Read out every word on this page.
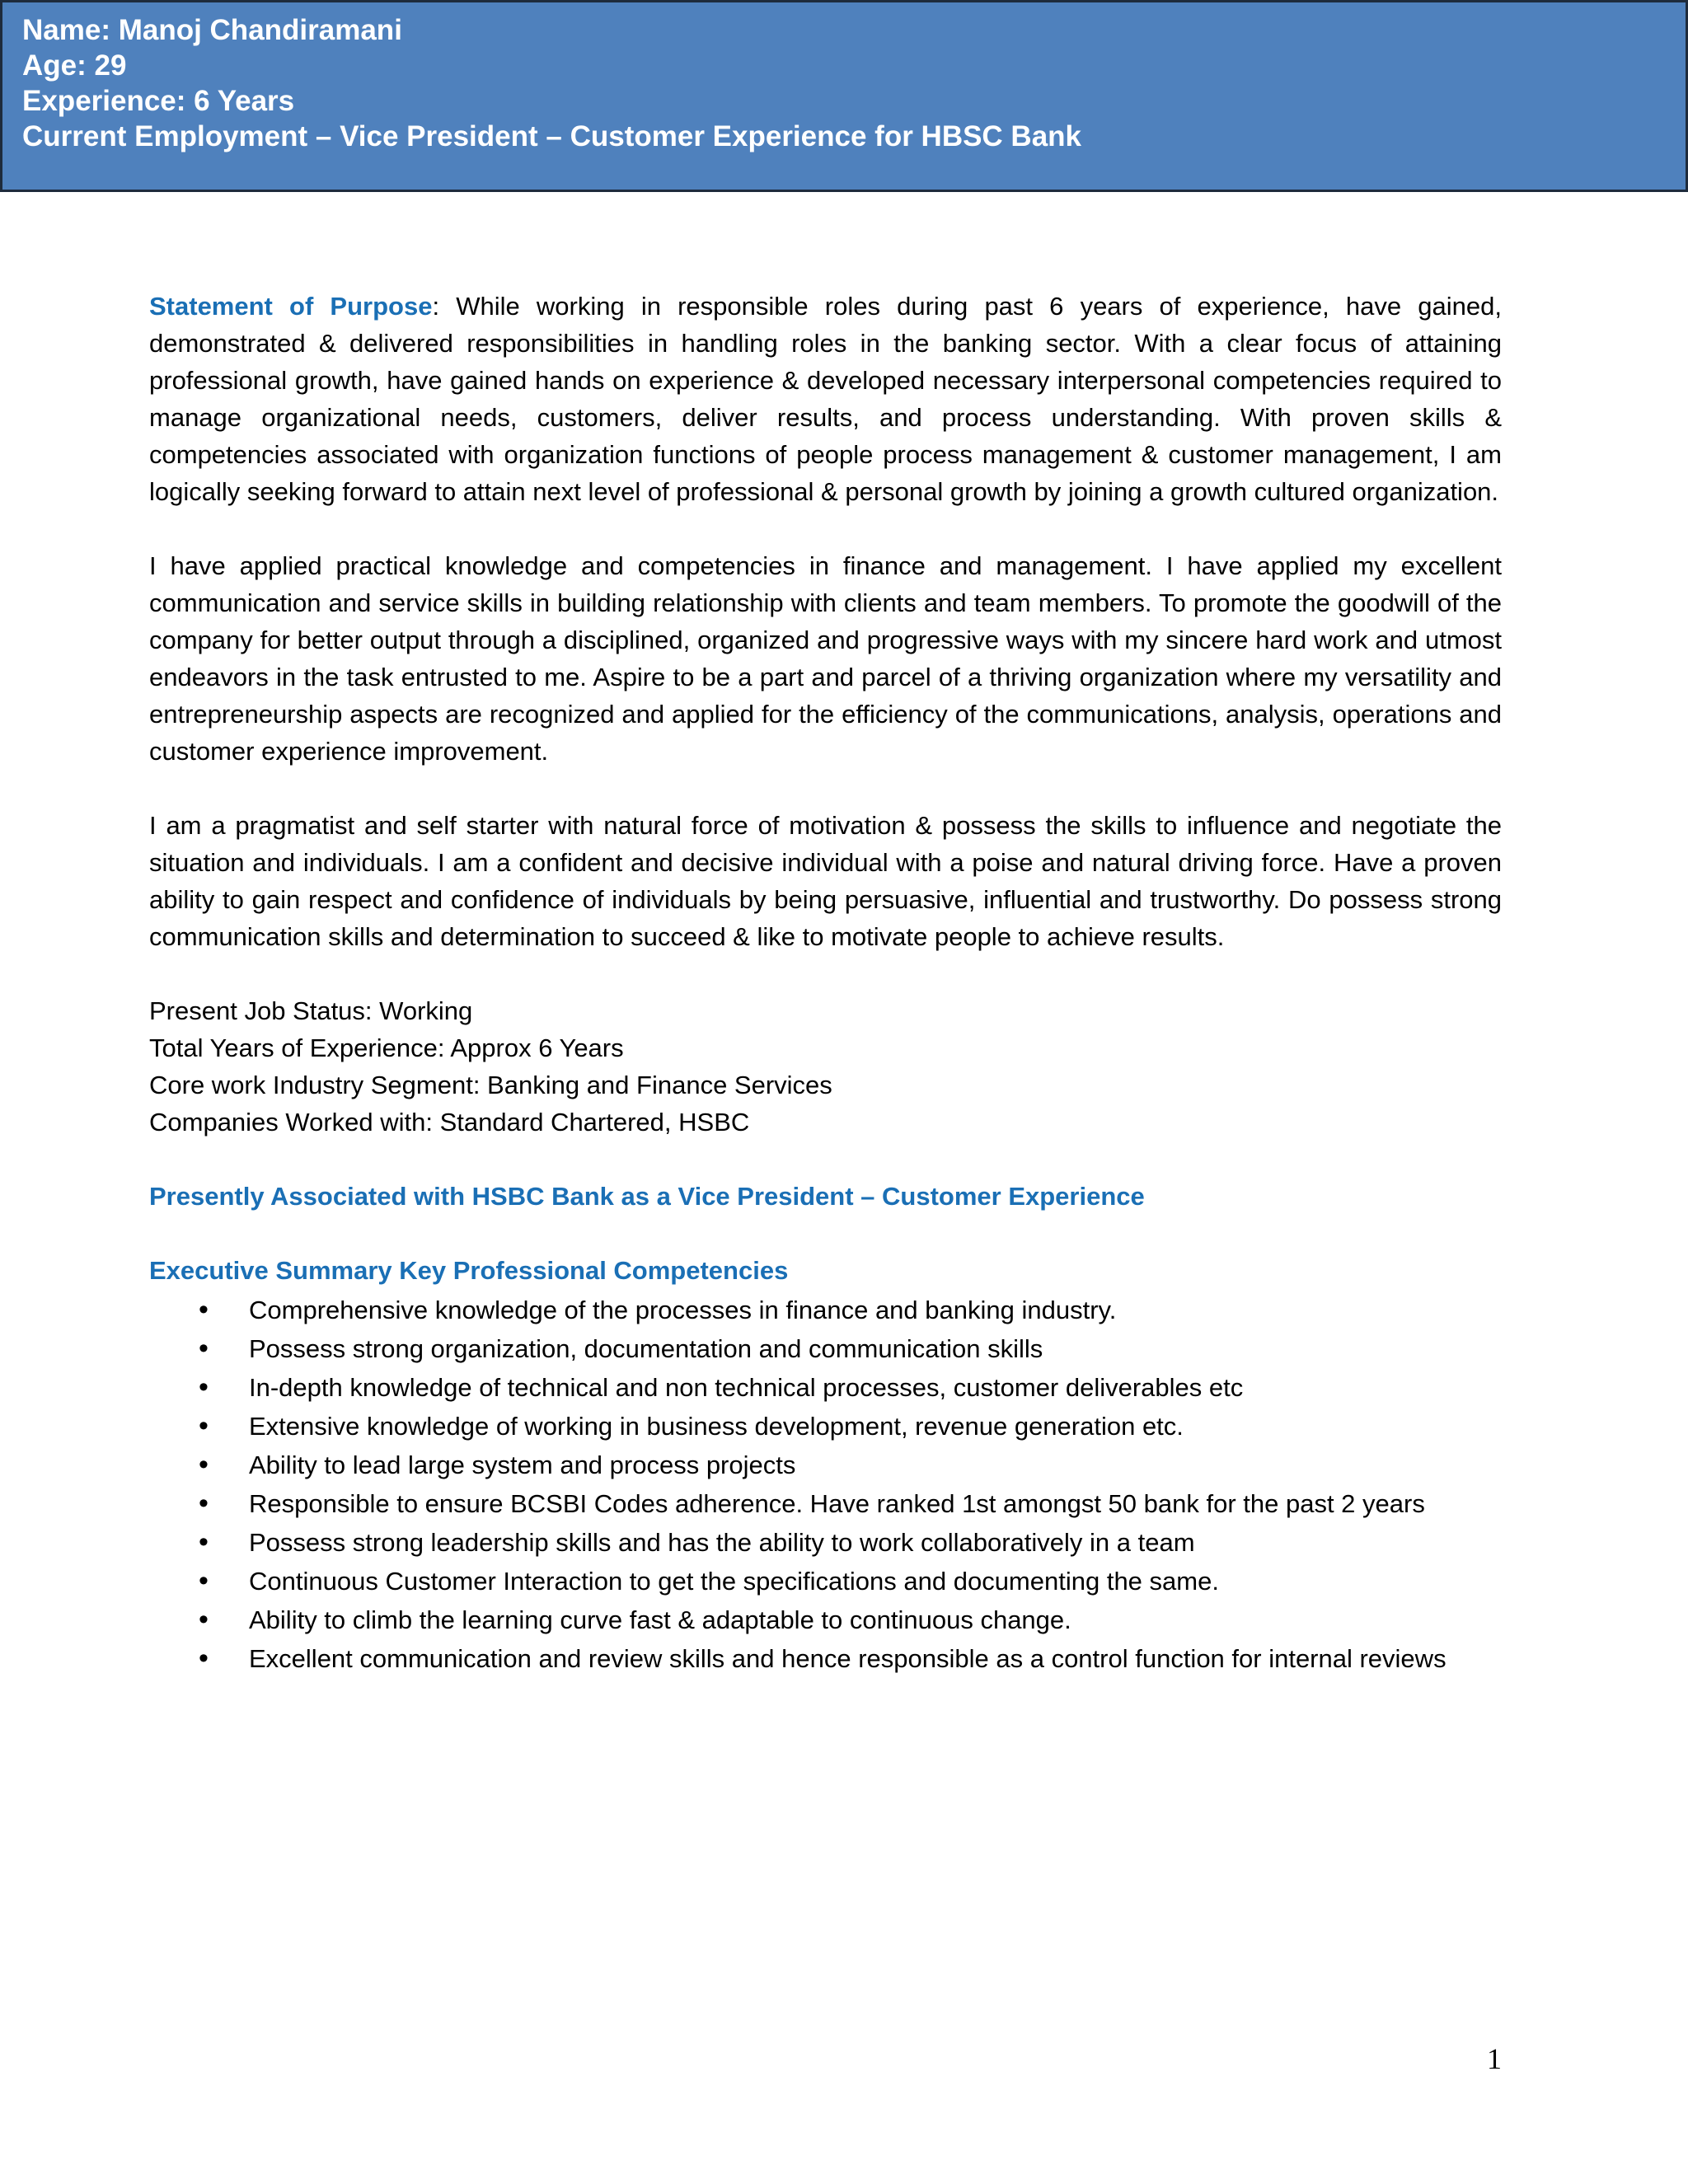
Name: Manoj Chandiramani
Age: 29
Experience: 6 Years
Current Employment – Vice President – Customer Experience for HBSC Bank

Statement of Purpose: While working in responsible roles during past 6 years of experience, have gained, demonstrated & delivered responsibilities in handling roles in the banking sector. With a clear focus of attaining professional growth, have gained hands on experience & developed necessary interpersonal competencies required to manage organizational needs, customers, deliver results, and process understanding. With proven skills & competencies associated with organization functions of people process management & customer management, I am logically seeking forward to attain next level of professional & personal growth by joining a growth cultured organization.

I have applied practical knowledge and competencies in finance and management. I have applied my excellent communication and service skills in building relationship with clients and team members. To promote the goodwill of the company for better output through a disciplined, organized and progressive ways with my sincere hard work and utmost endeavors in the task entrusted to me. Aspire to be a part and parcel of a thriving organization where my versatility and entrepreneurship aspects are recognized and applied for the efficiency of the communications, analysis, operations and customer experience improvement.

I am a pragmatist and self starter with natural force of motivation & possess the skills to influence and negotiate the situation and individuals. I am a confident and decisive individual with a poise and natural driving force. Have a proven ability to gain respect and confidence of individuals by being persuasive, influential and trustworthy. Do possess strong communication skills and determination to succeed & like to motivate people to achieve results.

Present Job Status: Working
Total Years of Experience: Approx 6 Years
Core work Industry Segment: Banking and Finance Services
Companies Worked with: Standard Chartered, HSBC
Presently Associated with HSBC Bank as a Vice President – Customer Experience
Executive Summary Key Professional Competencies
• Comprehensive knowledge of the processes in finance and banking industry.
• Possess strong organization, documentation and communication skills
• In-depth knowledge of technical and non technical processes, customer deliverables etc
• Extensive knowledge of working in business development, revenue generation etc.
• Ability to lead large system and process projects
• Responsible to ensure BCSBI Codes adherence. Have ranked 1st amongst 50 bank for the past 2 years
• Possess strong leadership skills and has the ability to work collaboratively in a team
• Continuous Customer Interaction to get the specifications and documenting the same.
• Ability to climb the learning curve fast & adaptable to continuous change.
• Excellent communication and review skills and hence responsible as a control function for internal reviews
1
